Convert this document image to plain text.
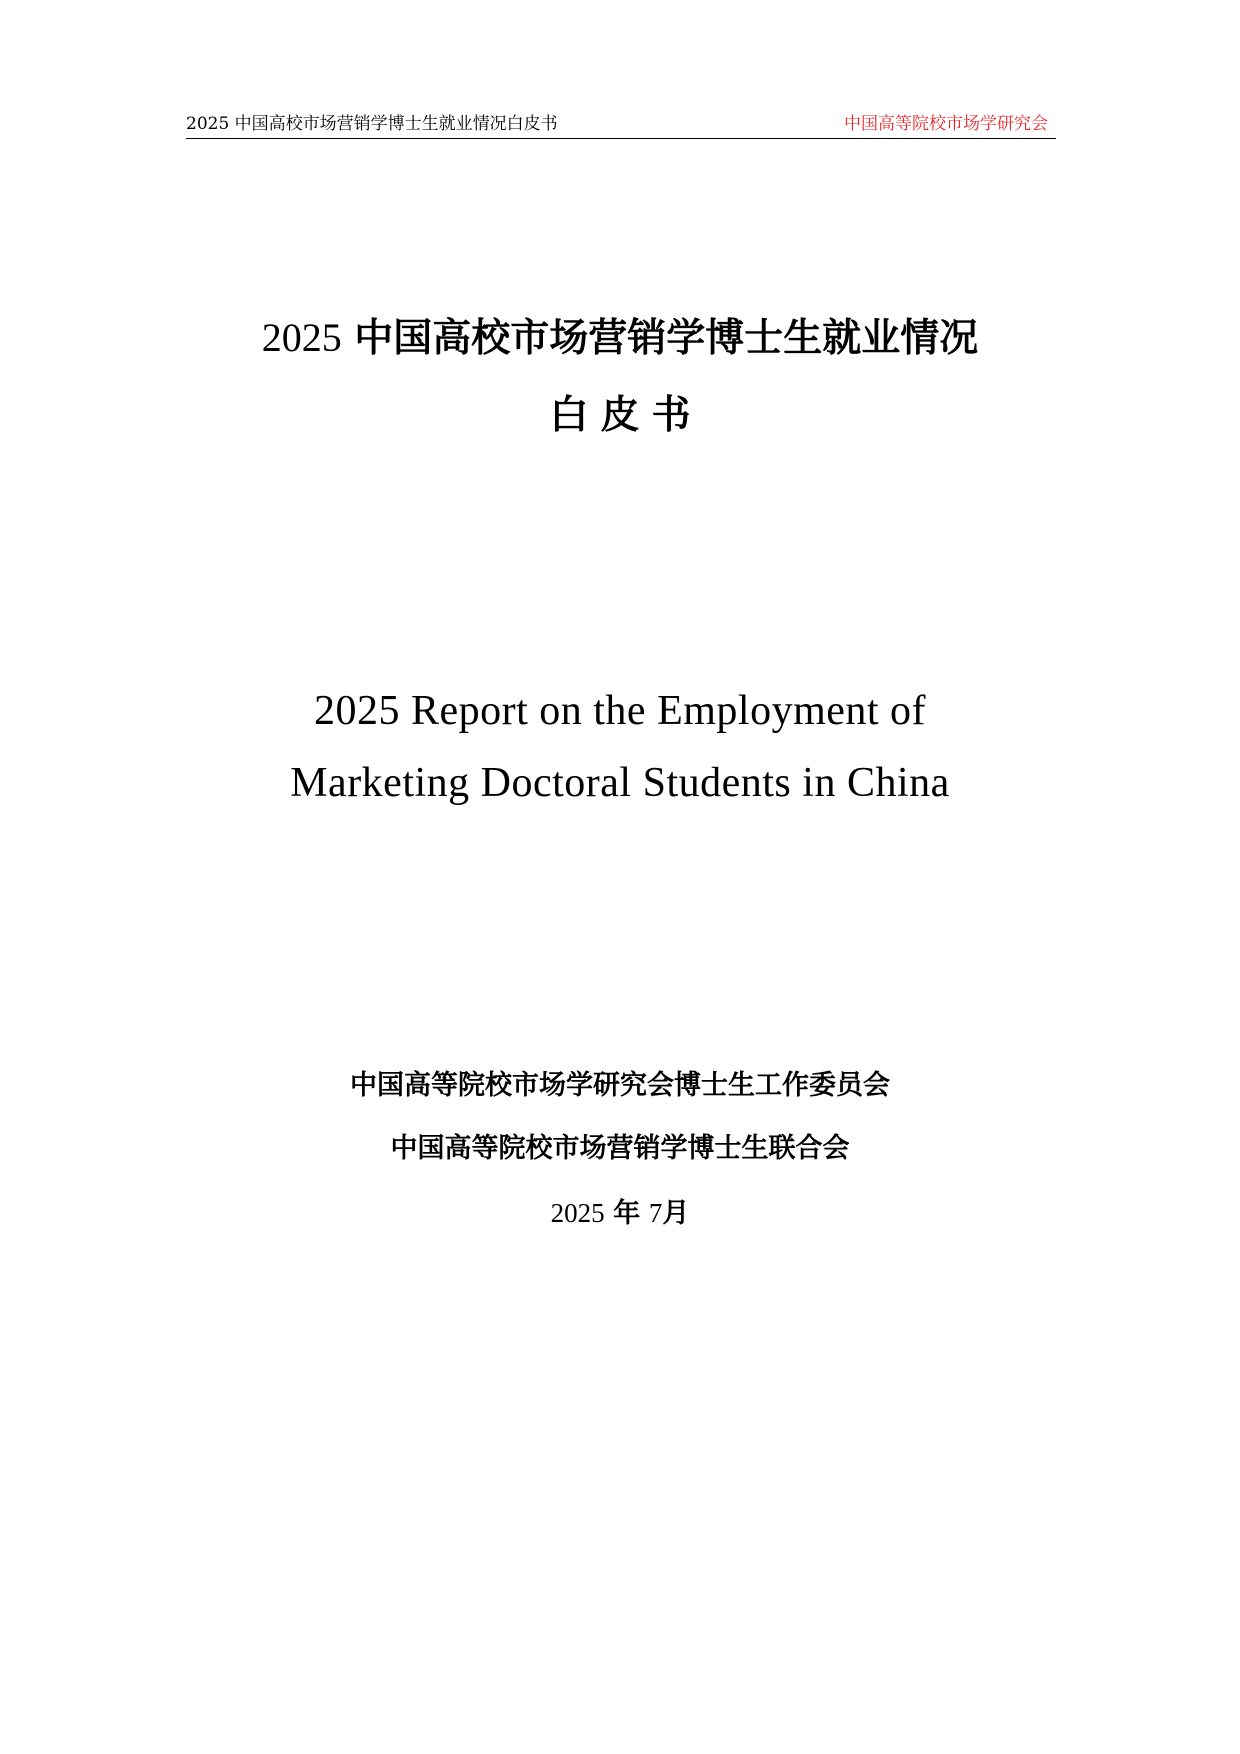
2025 中国高校市场营销学博士生就业情况白皮书	中国高等院校市场学研究会
2025 中国高校市场营销学博士生就业情况
白皮书
2025 Report on the Employment of
Marketing Doctoral Students in China
中国高等院校市场学研究会博士生工作委员会
中国高等院校市场营销学博士生联合会
2025 年 7月
